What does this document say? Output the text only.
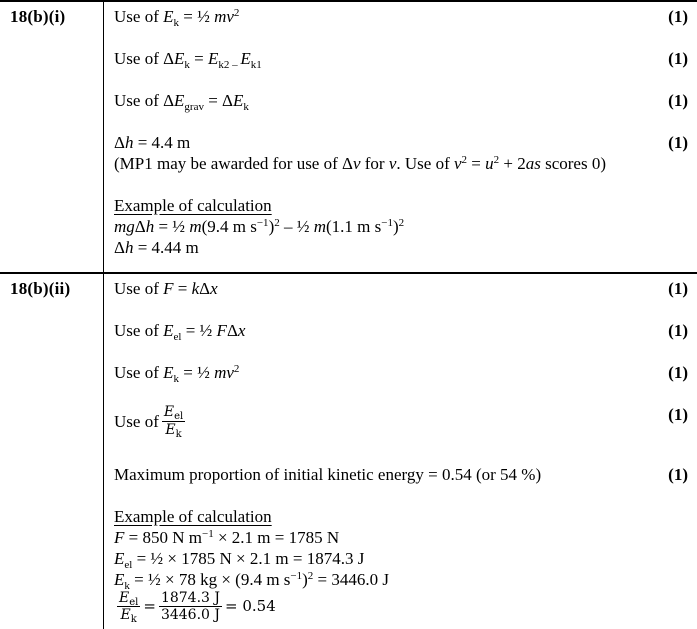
18(b)(i)	Use of $E_k$ = ½ $mv^2$	(1)
Use of $\Delta E_k = E_{k2 -}$ $E_{k1}$	(1)
Use of $\Delta E_{grav} = \Delta E_k$	(1)
Δh = 4.4 m	(1)
(MP1 may be awarded for use of Δv for v. Use of $v^2 = u^2 + 2as$ scores 0)
Example of calculation
mgΔh = ½ m(9.4 m $s^{-1})^2$ – ½ m(1.1 m $s^{-1})^2$
Δh = 4.44 m
18(b)(ii)	Use of F = kΔx	(1)
Use of $E_{el}$ = ½ FΔx	(1)
Use of $E_k$ = ½ $mv^2$	(1)
Use of $\frac{E_{el}}{E_k}$	(1)
Maximum proportion of initial kinetic energy = 0.54 (or 54 %)	(1)
Example of calculation
F = 850 N $m^{-1} \times 2.1$ m = 1785 N
$E_{el}$ = ½ × 1785 N × 2.1 m = 1874.3 J
$E_k$ = ½ × 78 kg × (9.4 m $s^{-1})^2 = 3446.0$ J
$\frac{E_{el}}{E_k} = \frac{1874.3 J}{3446.0 J} = 0.54$
